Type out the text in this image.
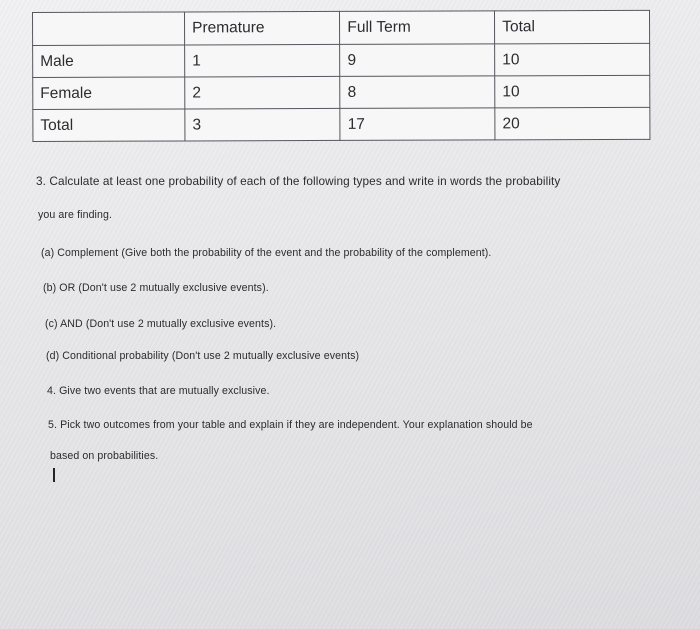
	Premature	Full Term	Total
Male	1	9	10
Female	2	8	10
Total	3	17	20

3. Calculate at least one probability of each of the following types and write in words the probability

you are finding.

(a) Complement (Give both the probability of the event and the probability of the complement).

(b) OR (Don't use 2 mutually exclusive events).

(c) AND (Don't use 2 mutually exclusive events).

(d) Conditional probability (Don't use 2 mutually exclusive events)

4. Give two events that are mutually exclusive.

5. Pick two outcomes from your table and explain if they are independent. Your explanation should be

based on probabilities.
